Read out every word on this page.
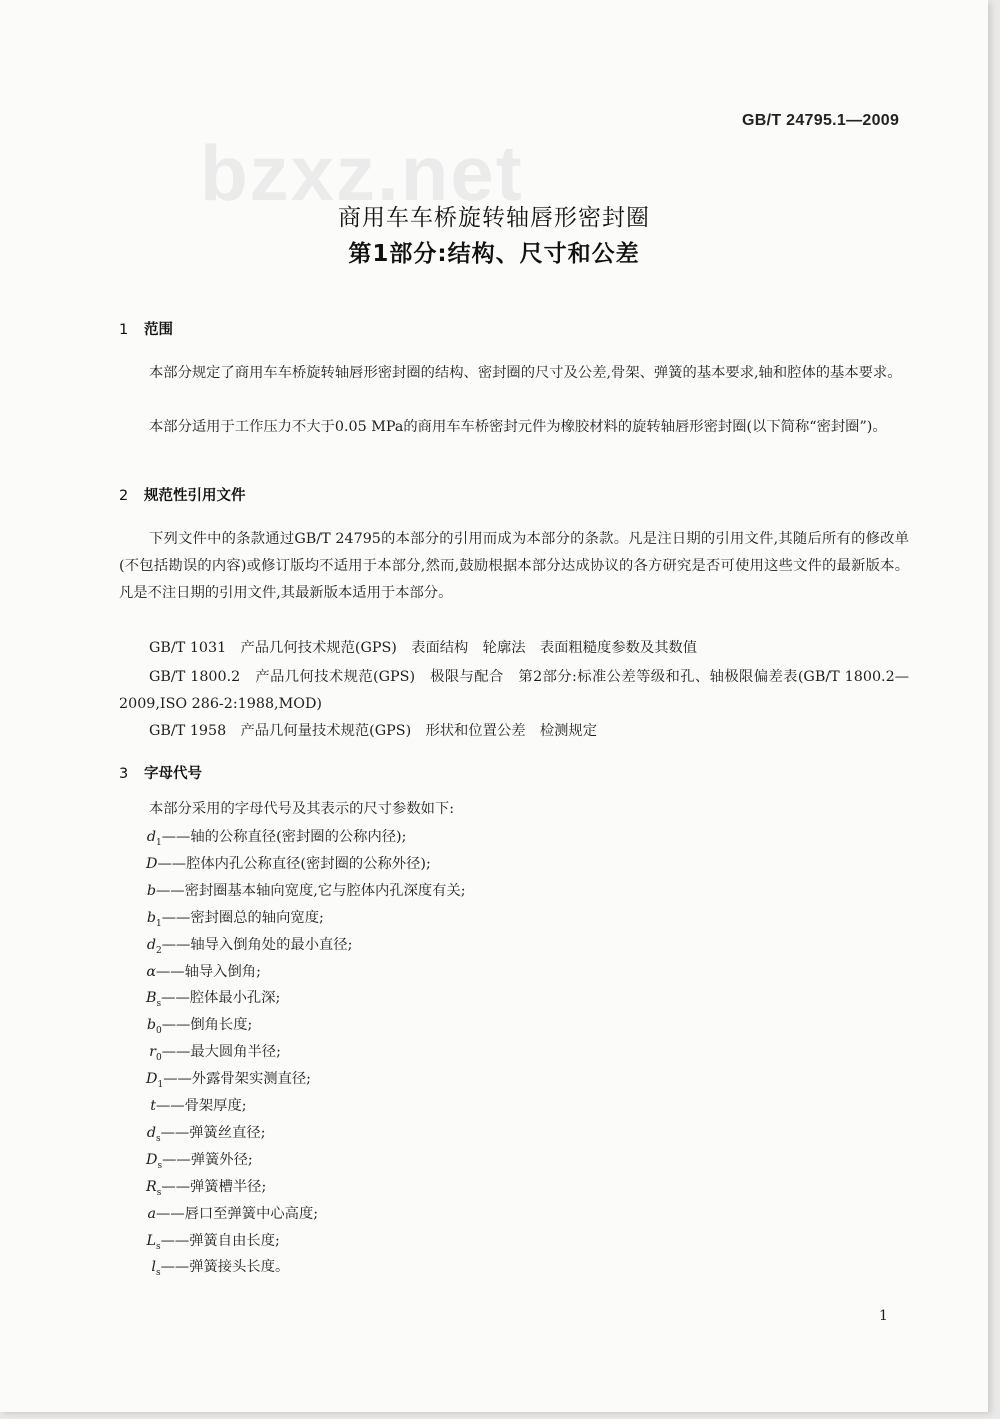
GB/T 24795.1—2009
bzxz.net
商用车车桥旋转轴唇形密封圈
第1部分:结构、尺寸和公差
1 范围
本部分规定了商用车车桥旋转轴唇形密封圈的结构、密封圈的尺寸及公差,骨架、弹簧的基本要求,轴和腔体的基本要求。
本部分适用于工作压力不大于0.05 MPa的商用车车桥密封元件为橡胶材料的旋转轴唇形密封圈(以下简称“密封圈”)。
2 规范性引用文件
下列文件中的条款通过GB/T 24795的本部分的引用而成为本部分的条款。凡是注日期的引用文件,其随后所有的修改单(不包括勘误的内容)或修订版均不适用于本部分,然而,鼓励根据本部分达成协议的各方研究是否可使用这些文件的最新版本。凡是不注日期的引用文件,其最新版本适用于本部分。
GB/T 1031　产品几何技术规范(GPS)　表面结构　轮廓法　表面粗糙度参数及其数值
GB/T 1800.2　产品几何技术规范(GPS)　极限与配合　第2部分:标准公差等级和孔、轴极限偏差表(GB/T 1800.2—2009,ISO 286-2:1988,MOD)
GB/T 1958　产品几何量技术规范(GPS)　形状和位置公差　检测规定
3 字母代号
本部分采用的字母代号及其表示的尺寸参数如下:
$d_1——$轴的公称直径(密封圈的公称内径);
D——腔体内孔公称直径(密封圈的公称外径);
b——密封圈基本轴向宽度,它与腔体内孔深度有关;
$b_1——$密封圈总的轴向宽度;
$d_2——$轴导入倒角处的最小直径;
α——轴导入倒角;
$B_s——$腔体最小孔深;
$b_0——$倒角长度;
$r_0——$最大圆角半径;
$D_1——$外露骨架实测直径;
t——骨架厚度;
$d_s——$弹簧丝直径;
$D_s——$弹簧外径;
$R_s——$弹簧槽半径;
a——唇口至弹簧中心高度;
$L_s——$弹簧自由长度;
$l_s——$弹簧接头长度。
1
